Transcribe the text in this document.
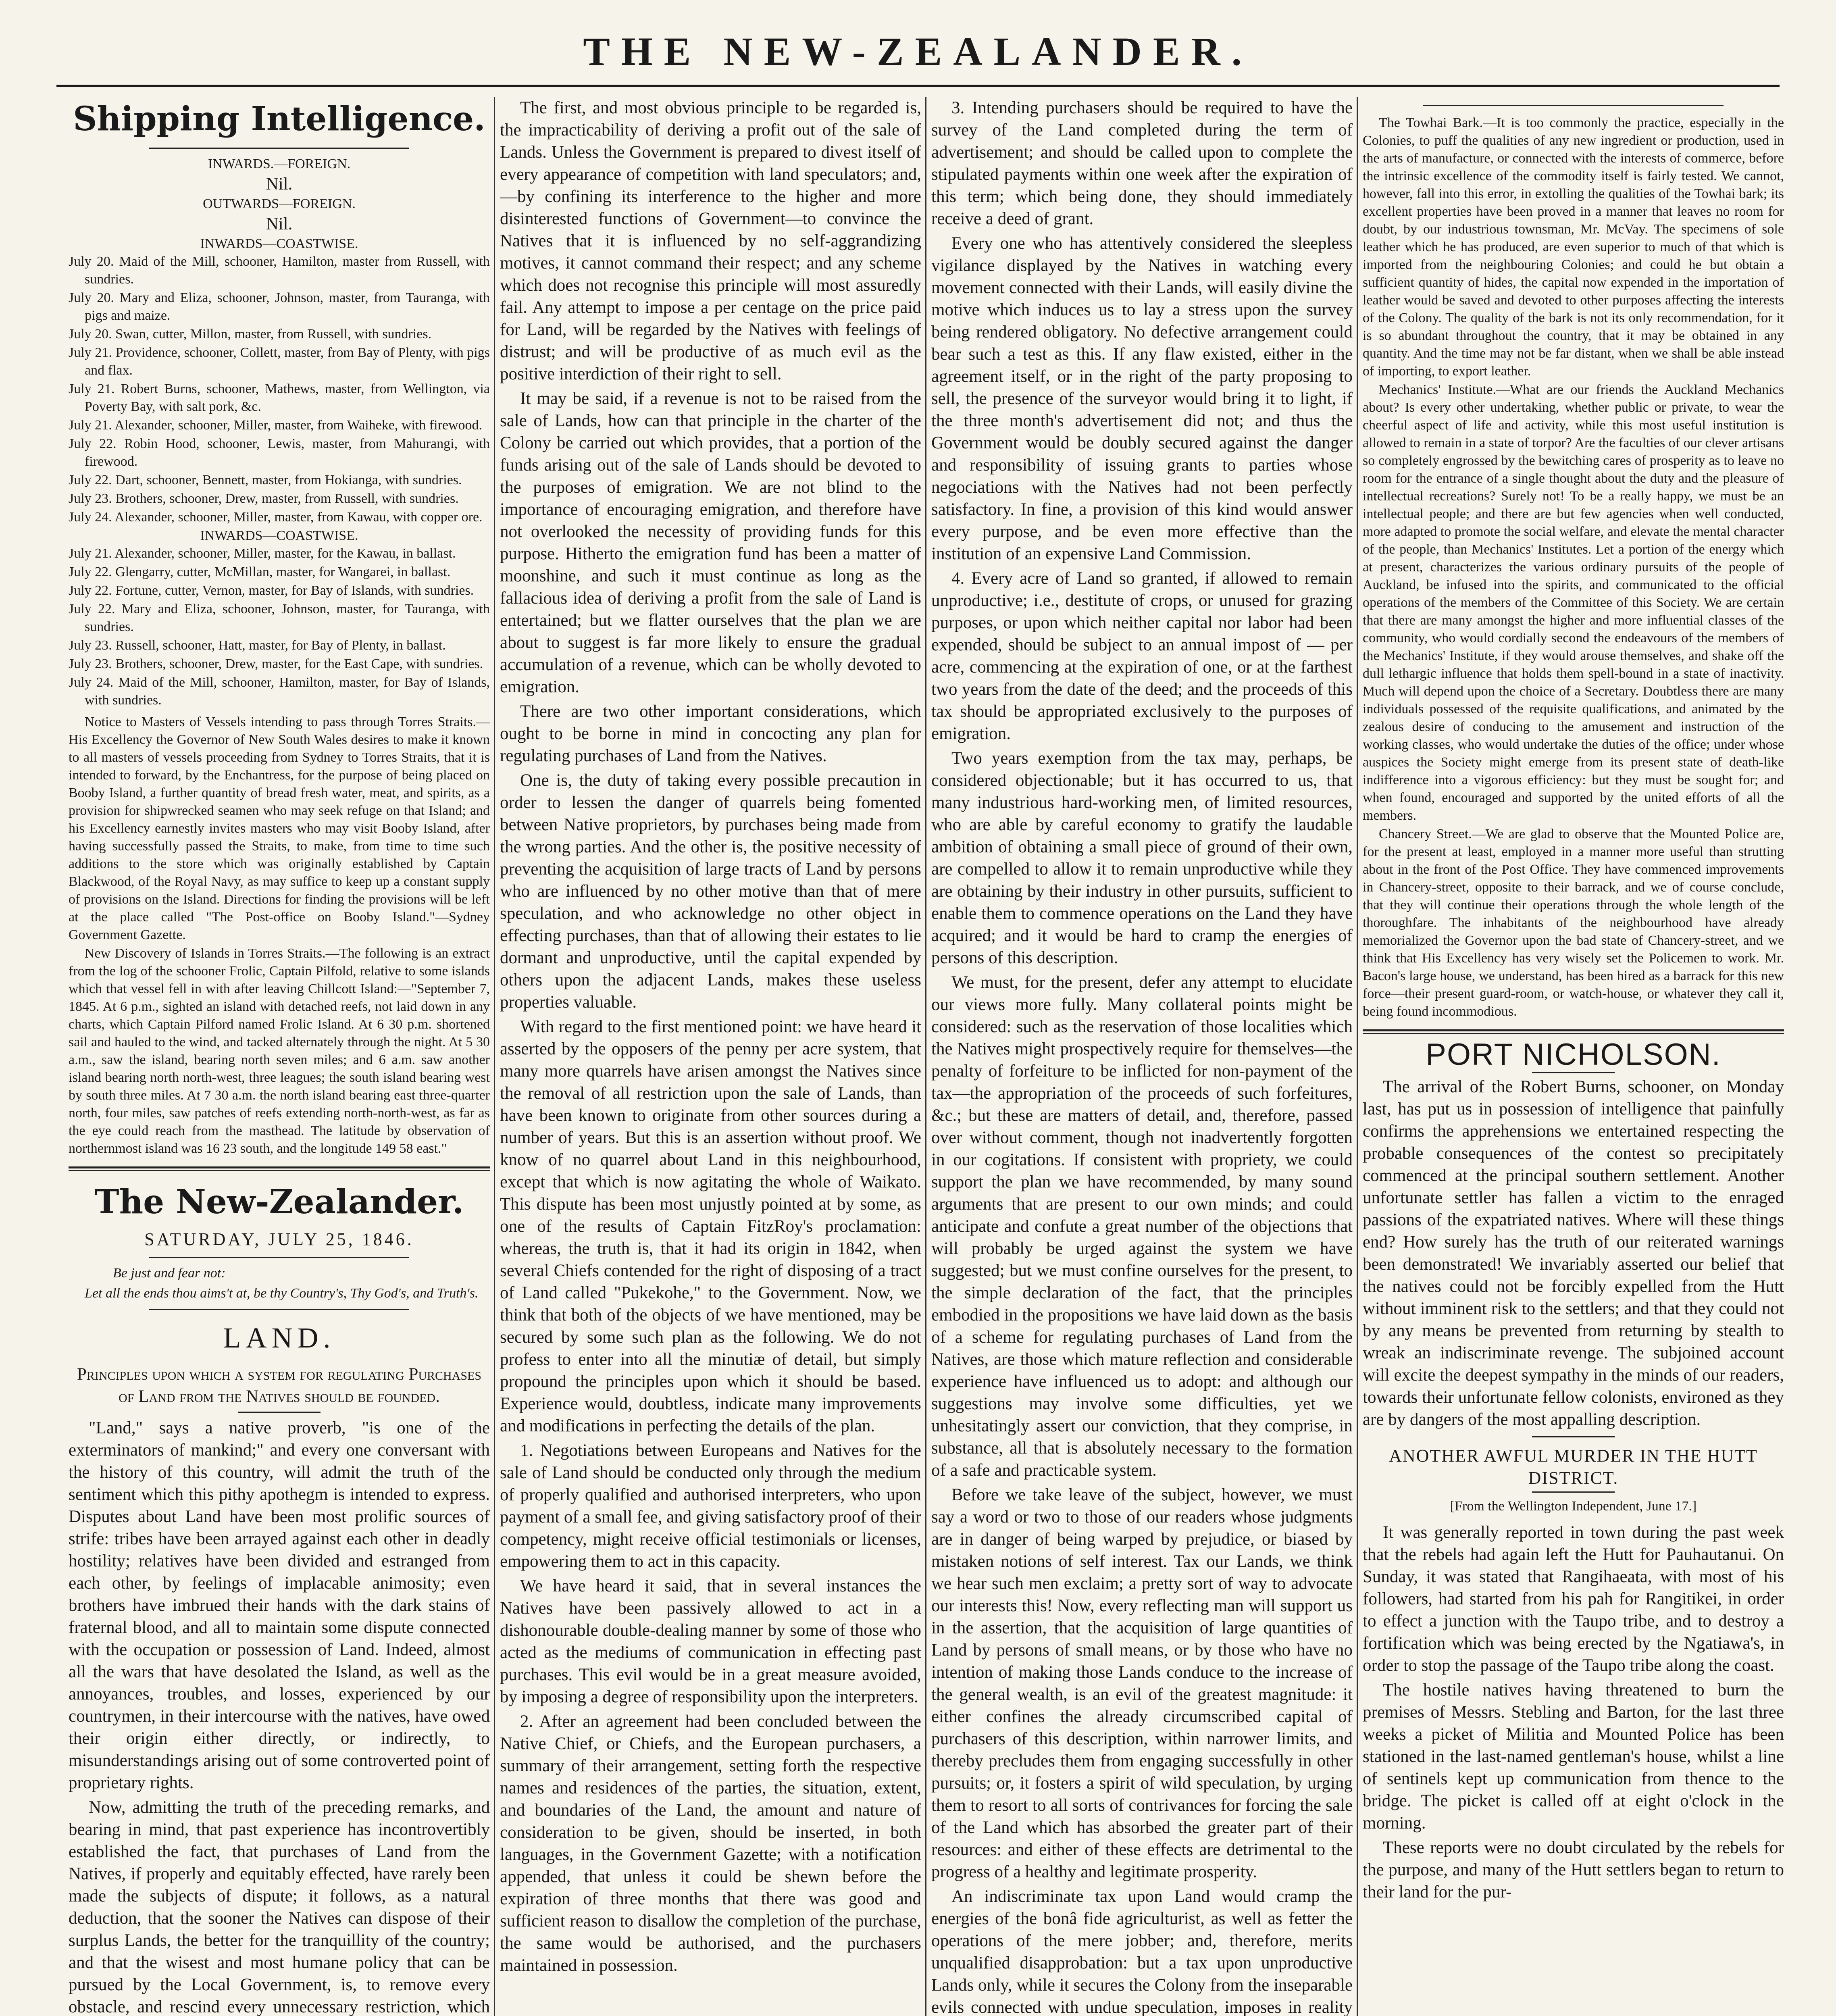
THE NEW-ZEALANDER.
Shipping Intelligence.
INWARDS.—FOREIGN.
Nil.
OUTWARDS—FOREIGN.
Nil.
INWARDS—COASTWISE.

July 20. Maid of the Mill, schooner, Hamilton, master from Russell, with sundries.

July 20. Mary and Eliza, schooner, Johnson, master, from Tauranga, with pigs and maize.

July 20. Swan, cutter, Millon, master, from Russell, with sundries.

July 21. Providence, schooner, Collett, master, from Bay of Plenty, with pigs and flax.

July 21. Robert Burns, schooner, Mathews, master, from Wellington, via Poverty Bay, with salt pork, &c.

July 21. Alexander, schooner, Miller, master, from Waiheke, with firewood.

July 22. Robin Hood, schooner, Lewis, master, from Mahurangi, with firewood.

July 22. Dart, schooner, Bennett, master, from Hokianga, with sundries.

July 23. Brothers, schooner, Drew, master, from Russell, with sundries.

July 24. Alexander, schooner, Miller, master, from Kawau, with copper ore.

INWARDS—COASTWISE.

July 21. Alexander, schooner, Miller, master, for the Kawau, in ballast.

July 22. Glengarry, cutter, McMillan, master, for Wangarei, in ballast.

July 22. Fortune, cutter, Vernon, master, for Bay of Islands, with sundries.

July 22. Mary and Eliza, schooner, Johnson, master, for Tauranga, with sundries.

July 23. Russell, schooner, Hatt, master, for Bay of Plenty, in ballast.

July 23. Brothers, schooner, Drew, master, for the East Cape, with sundries.

July 24. Maid of the Mill, schooner, Hamilton, master, for Bay of Islands, with sundries.

Notice to Masters of Vessels intending to pass through Torres Straits.—His Excellency the Governor of New South Wales desires to make it known to all masters of vessels proceeding from Sydney to Torres Straits, that it is intended to forward, by the Enchantress, for the purpose of being placed on Booby Island, a further quantity of bread fresh water, meat, and spirits, as a provision for shipwrecked seamen who may seek refuge on that Island; and his Excellency earnestly invites masters who may visit Booby Island, after having successfully passed the Straits, to make, from time to time such additions to the store which was originally established by Captain Blackwood, of the Royal Navy, as may suffice to keep up a constant supply of provisions on the Island. Directions for finding the provisions will be left at the place called "The Post-office on Booby Island."—Sydney Government Gazette.

New Discovery of Islands in Torres Straits.—The following is an extract from the log of the schooner Frolic, Captain Pilfold, relative to some islands which that vessel fell in with after leaving Chillcott Island:—"September 7, 1845. At 6 p.m., sighted an island with detached reefs, not laid down in any charts, which Captain Pilford named Frolic Island. At 6 30 p.m. shortened sail and hauled to the wind, and tacked alternately through the night. At 5 30 a.m., saw the island, bearing north seven miles; and 6 a.m. saw another island bearing north north-west, three leagues; the south island bearing west by south three miles. At 7 30 a.m. the north island bearing east three-quarter north, four miles, saw patches of reefs extending north-north-west, as far as the eye could reach from the masthead. The latitude by observation of northernmost island was 16 23 south, and the longitude 149 58 east."

The New-Zealander.
SATURDAY, JULY 25, 1846.
Be just and fear not:
Let all the ends thou aims't at, be thy Country's, Thy God's, and Truth's.
LAND.

Principles upon which a system for regulating Purchases of Land from the Natives should be founded.

"Land," says a native proverb, "is one of the exterminators of mankind;" and every one conversant with the history of this country, will admit the truth of the sentiment which this pithy apothegm is intended to express. Disputes about Land have been most prolific sources of strife: tribes have been arrayed against each other in deadly hostility; relatives have been divided and estranged from each other, by feelings of implacable animosity; even brothers have imbrued their hands with the dark stains of fraternal blood, and all to maintain some dispute connected with the occupation or possession of Land. Indeed, almost all the wars that have desolated the Island, as well as the annoyances, troubles, and losses, experienced by our countrymen, in their intercourse with the natives, have owed their origin either directly, or indirectly, to misunderstandings arising out of some controverted point of proprietary rights.

Now, admitting the truth of the preceding remarks, and bearing in mind, that past experience has incontrovertibly established the fact, that purchases of Land from the Natives, if properly and equitably effected, have rarely been made the subjects of dispute; it follows, as a natural deduction, that the sooner the Natives can dispose of their surplus Lands, the better for the tranquillity of the country; and that the wisest and most humane policy that can be pursued by the Local Government, is, to remove every obstacle, and rescind every unnecessary restriction, which

The first, and most obvious principle to be regarded is, the impracticability of deriving a profit out of the sale of Lands. Unless the Government is prepared to divest itself of every appearance of competition with land speculators; and,—by confining its interference to the higher and more disinterested functions of Government—to convince the Natives that it is influenced by no self-aggrandizing motives, it cannot command their respect; and any scheme which does not recognise this principle will most assuredly fail. Any attempt to impose a per centage on the price paid for Land, will be regarded by the Natives with feelings of distrust; and will be productive of as much evil as the positive interdiction of their right to sell.

It may be said, if a revenue is not to be raised from the sale of Lands, how can that principle in the charter of the Colony be carried out which provides, that a portion of the funds arising out of the sale of Lands should be devoted to the purposes of emigration. We are not blind to the importance of encouraging emigration, and therefore have not overlooked the necessity of providing funds for this purpose. Hitherto the emigration fund has been a matter of moonshine, and such it must continue as long as the fallacious idea of deriving a profit from the sale of Land is entertained; but we flatter ourselves that the plan we are about to suggest is far more likely to ensure the gradual accumulation of a revenue, which can be wholly devoted to emigration.

There are two other important considerations, which ought to be borne in mind in concocting any plan for regulating purchases of Land from the Natives.

One is, the duty of taking every possible precaution in order to lessen the danger of quarrels being fomented between Native proprietors, by purchases being made from the wrong parties. And the other is, the positive necessity of preventing the acquisition of large tracts of Land by persons who are influenced by no other motive than that of mere speculation, and who acknowledge no other object in effecting purchases, than that of allowing their estates to lie dormant and unproductive, until the capital expended by others upon the adjacent Lands, makes these useless properties valuable.

With regard to the first mentioned point: we have heard it asserted by the opposers of the penny per acre system, that many more quarrels have arisen amongst the Natives since the removal of all restriction upon the sale of Lands, than have been known to originate from other sources during a number of years. But this is an assertion without proof. We know of no quarrel about Land in this neighbourhood, except that which is now agitating the whole of Waikato. This dispute has been most unjustly pointed at by some, as one of the results of Captain FitzRoy's proclamation: whereas, the truth is, that it had its origin in 1842, when several Chiefs contended for the right of disposing of a tract of Land called "Pukekohe," to the Government. Now, we think that both of the objects of we have mentioned, may be secured by some such plan as the following. We do not profess to enter into all the minutiæ of detail, but simply propound the principles upon which it should be based. Experience would, doubtless, indicate many improvements and modifications in perfecting the details of the plan.

1. Negotiations between Europeans and Natives for the sale of Land should be conducted only through the medium of properly qualified and authorised interpreters, who upon payment of a small fee, and giving satisfactory proof of their competency, might receive official testimonials or licenses, empowering them to act in this capacity.

We have heard it said, that in several instances the Natives have been passively allowed to act in a dishonourable double-dealing manner by some of those who acted as the mediums of communication in effecting past purchases. This evil would be in a great measure avoided, by imposing a degree of responsibility upon the interpreters.

2. After an agreement had been concluded between the Native Chief, or Chiefs, and the European purchasers, a summary of their arrangement, setting forth the respective names and residences of the parties, the situation, extent, and boundaries of the Land, the amount and nature of consideration to be given, should be inserted, in both languages, in the Government Gazette; with a notification appended, that unless it could be shewn before the expiration of three months that there was good and sufficient reason to disallow the completion of the purchase, the same would be authorised, and the purchasers maintained in possession.

3. Intending purchasers should be required to have the survey of the Land completed during the term of advertisement; and should be called upon to complete the stipulated payments within one week after the expiration of this term; which being done, they should immediately receive a deed of grant.

Every one who has attentively considered the sleepless vigilance displayed by the Natives in watching every movement connected with their Lands, will easily divine the motive which induces us to lay a stress upon the survey being rendered obligatory. No defective arrangement could bear such a test as this. If any flaw existed, either in the agreement itself, or in the right of the party proposing to sell, the presence of the surveyor would bring it to light, if the three month's advertisement did not; and thus the Government would be doubly secured against the danger and responsibility of issuing grants to parties whose negociations with the Natives had not been perfectly satisfactory. In fine, a provision of this kind would answer every purpose, and be even more effective than the institution of an expensive Land Commission.

4. Every acre of Land so granted, if allowed to remain unproductive; i.e., destitute of crops, or unused for grazing purposes, or upon which neither capital nor labor had been expended, should be subject to an annual impost of — per acre, commencing at the expiration of one, or at the farthest two years from the date of the deed; and the proceeds of this tax should be appropriated exclusively to the purposes of emigration.

Two years exemption from the tax may, perhaps, be considered objectionable; but it has occurred to us, that many industrious hard-working men, of limited resources, who are able by careful economy to gratify the laudable ambition of obtaining a small piece of ground of their own, are compelled to allow it to remain unproductive while they are obtaining by their industry in other pursuits, sufficient to enable them to commence operations on the Land they have acquired; and it would be hard to cramp the energies of persons of this description.

We must, for the present, defer any attempt to elucidate our views more fully. Many collateral points might be considered: such as the reservation of those localities which the Natives might prospectively require for themselves—the penalty of forfeiture to be inflicted for non-payment of the tax—the appropriation of the proceeds of such forfeitures, &c.; but these are matters of detail, and, therefore, passed over without comment, though not inadvertently forgotten in our cogitations. If consistent with propriety, we could support the plan we have recommended, by many sound arguments that are present to our own minds; and could anticipate and confute a great number of the objections that will probably be urged against the system we have suggested; but we must confine ourselves for the present, to the simple declaration of the fact, that the principles embodied in the propositions we have laid down as the basis of a scheme for regulating purchases of Land from the Natives, are those which mature reflection and considerable experience have influenced us to adopt: and although our suggestions may involve some difficulties, yet we unhesitatingly assert our conviction, that they comprise, in substance, all that is absolutely necessary to the formation of a safe and practicable system.

Before we take leave of the subject, however, we must say a word or two to those of our readers whose judgments are in danger of being warped by prejudice, or biased by mistaken notions of self interest. Tax our Lands, we think we hear such men exclaim; a pretty sort of way to advocate our interests this! Now, every reflecting man will support us in the assertion, that the acquisition of large quantities of Land by persons of small means, or by those who have no intention of making those Lands conduce to the increase of the general wealth, is an evil of the greatest magnitude: it either confines the already circumscribed capital of purchasers of this description, within narrower limits, and thereby precludes them from engaging successfully in other pursuits; or, it fosters a spirit of wild speculation, by urging them to resort to all sorts of contrivances for forcing the sale of the Land which has absorbed the greater part of their resources: and either of these effects are detrimental to the progress of a healthy and legitimate prosperity.

An indiscriminate tax upon Land would cramp the energies of the bonâ fide agriculturist, as well as fetter the operations of the mere jobber; and, therefore, merits unqualified disapprobation: but a tax upon unproductive Lands only, while it secures the Colony from the inseparable evils connected with undue speculation, imposes in reality

The Towhai Bark.—It is too commonly the practice, especially in the Colonies, to puff the qualities of any new ingredient or production, used in the arts of manufacture, or connected with the interests of commerce, before the intrinsic excellence of the commodity itself is fairly tested. We cannot, however, fall into this error, in extolling the qualities of the Towhai bark; its excellent properties have been proved in a manner that leaves no room for doubt, by our industrious townsman, Mr. McVay. The specimens of sole leather which he has produced, are even superior to much of that which is imported from the neighbouring Colonies; and could he but obtain a sufficient quantity of hides, the capital now expended in the importation of leather would be saved and devoted to other purposes affecting the interests of the Colony. The quality of the bark is not its only recommendation, for it is so abundant throughout the country, that it may be obtained in any quantity. And the time may not be far distant, when we shall be able instead of importing, to export leather.

Mechanics' Institute.—What are our friends the Auckland Mechanics about? Is every other undertaking, whether public or private, to wear the cheerful aspect of life and activity, while this most useful institution is allowed to remain in a state of torpor? Are the faculties of our clever artisans so completely engrossed by the bewitching cares of prosperity as to leave no room for the entrance of a single thought about the duty and the pleasure of intellectual recreations? Surely not! To be a really happy, we must be an intellectual people; and there are but few agencies when well conducted, more adapted to promote the social welfare, and elevate the mental character of the people, than Mechanics' Institutes. Let a portion of the energy which at present, characterizes the various ordinary pursuits of the people of Auckland, be infused into the spirits, and communicated to the official operations of the members of the Committee of this Society. We are certain that there are many amongst the higher and more influential classes of the community, who would cordially second the endeavours of the members of the Mechanics' Institute, if they would arouse themselves, and shake off the dull lethargic influence that holds them spell-bound in a state of inactivity. Much will depend upon the choice of a Secretary. Doubtless there are many individuals possessed of the requisite qualifications, and animated by the zealous desire of conducing to the amusement and instruction of the working classes, who would undertake the duties of the office; under whose auspices the Society might emerge from its present state of death-like indifference into a vigorous efficiency: but they must be sought for; and when found, encouraged and supported by the united efforts of all the members.

Chancery Street.—We are glad to observe that the Mounted Police are, for the present at least, employed in a manner more useful than strutting about in the front of the Post Office. They have commenced improvements in Chancery-street, opposite to their barrack, and we of course conclude, that they will continue their operations through the whole length of the thoroughfare. The inhabitants of the neighbourhood have already memorialized the Governor upon the bad state of Chancery-street, and we think that His Excellency has very wisely set the Policemen to work. Mr. Bacon's large house, we understand, has been hired as a barrack for this new force—their present guard-room, or watch-house, or whatever they call it, being found incommodious.

PORT NICHOLSON.

The arrival of the Robert Burns, schooner, on Monday last, has put us in possession of intelligence that painfully confirms the apprehensions we entertained respecting the probable consequences of the contest so precipitately commenced at the principal southern settlement. Another unfortunate settler has fallen a victim to the enraged passions of the expatriated natives. Where will these things end? How surely has the truth of our reiterated warnings been demonstrated! We invariably asserted our belief that the natives could not be forcibly expelled from the Hutt without imminent risk to the settlers; and that they could not by any means be prevented from returning by stealth to wreak an indiscriminate revenge. The subjoined account will excite the deepest sympathy in the minds of our readers, towards their unfortunate fellow colonists, environed as they are by dangers of the most appalling description.

ANOTHER AWFUL MURDER IN THE HUTT DISTRICT.
[From the Wellington Independent, June 17.]

It was generally reported in town during the past week that the rebels had again left the Hutt for Pauhautanui. On Sunday, it was stated that Rangihaeata, with most of his followers, had started from his pah for Rangitikei, in order to effect a junction with the Taupo tribe, and to destroy a fortification which was being erected by the Ngatiawa's, in order to stop the passage of the Taupo tribe along the coast.

The hostile natives having threatened to burn the premises of Messrs. Stebling and Barton, for the last three weeks a picket of Militia and Mounted Police has been stationed in the last-named gentleman's house, whilst a line of sentinels kept up communication from thence to the bridge. The picket is called off at eight o'clock in the morning.

These reports were no doubt circulated by the rebels for the purpose, and many of the Hutt settlers began to return to their land for the pur-
